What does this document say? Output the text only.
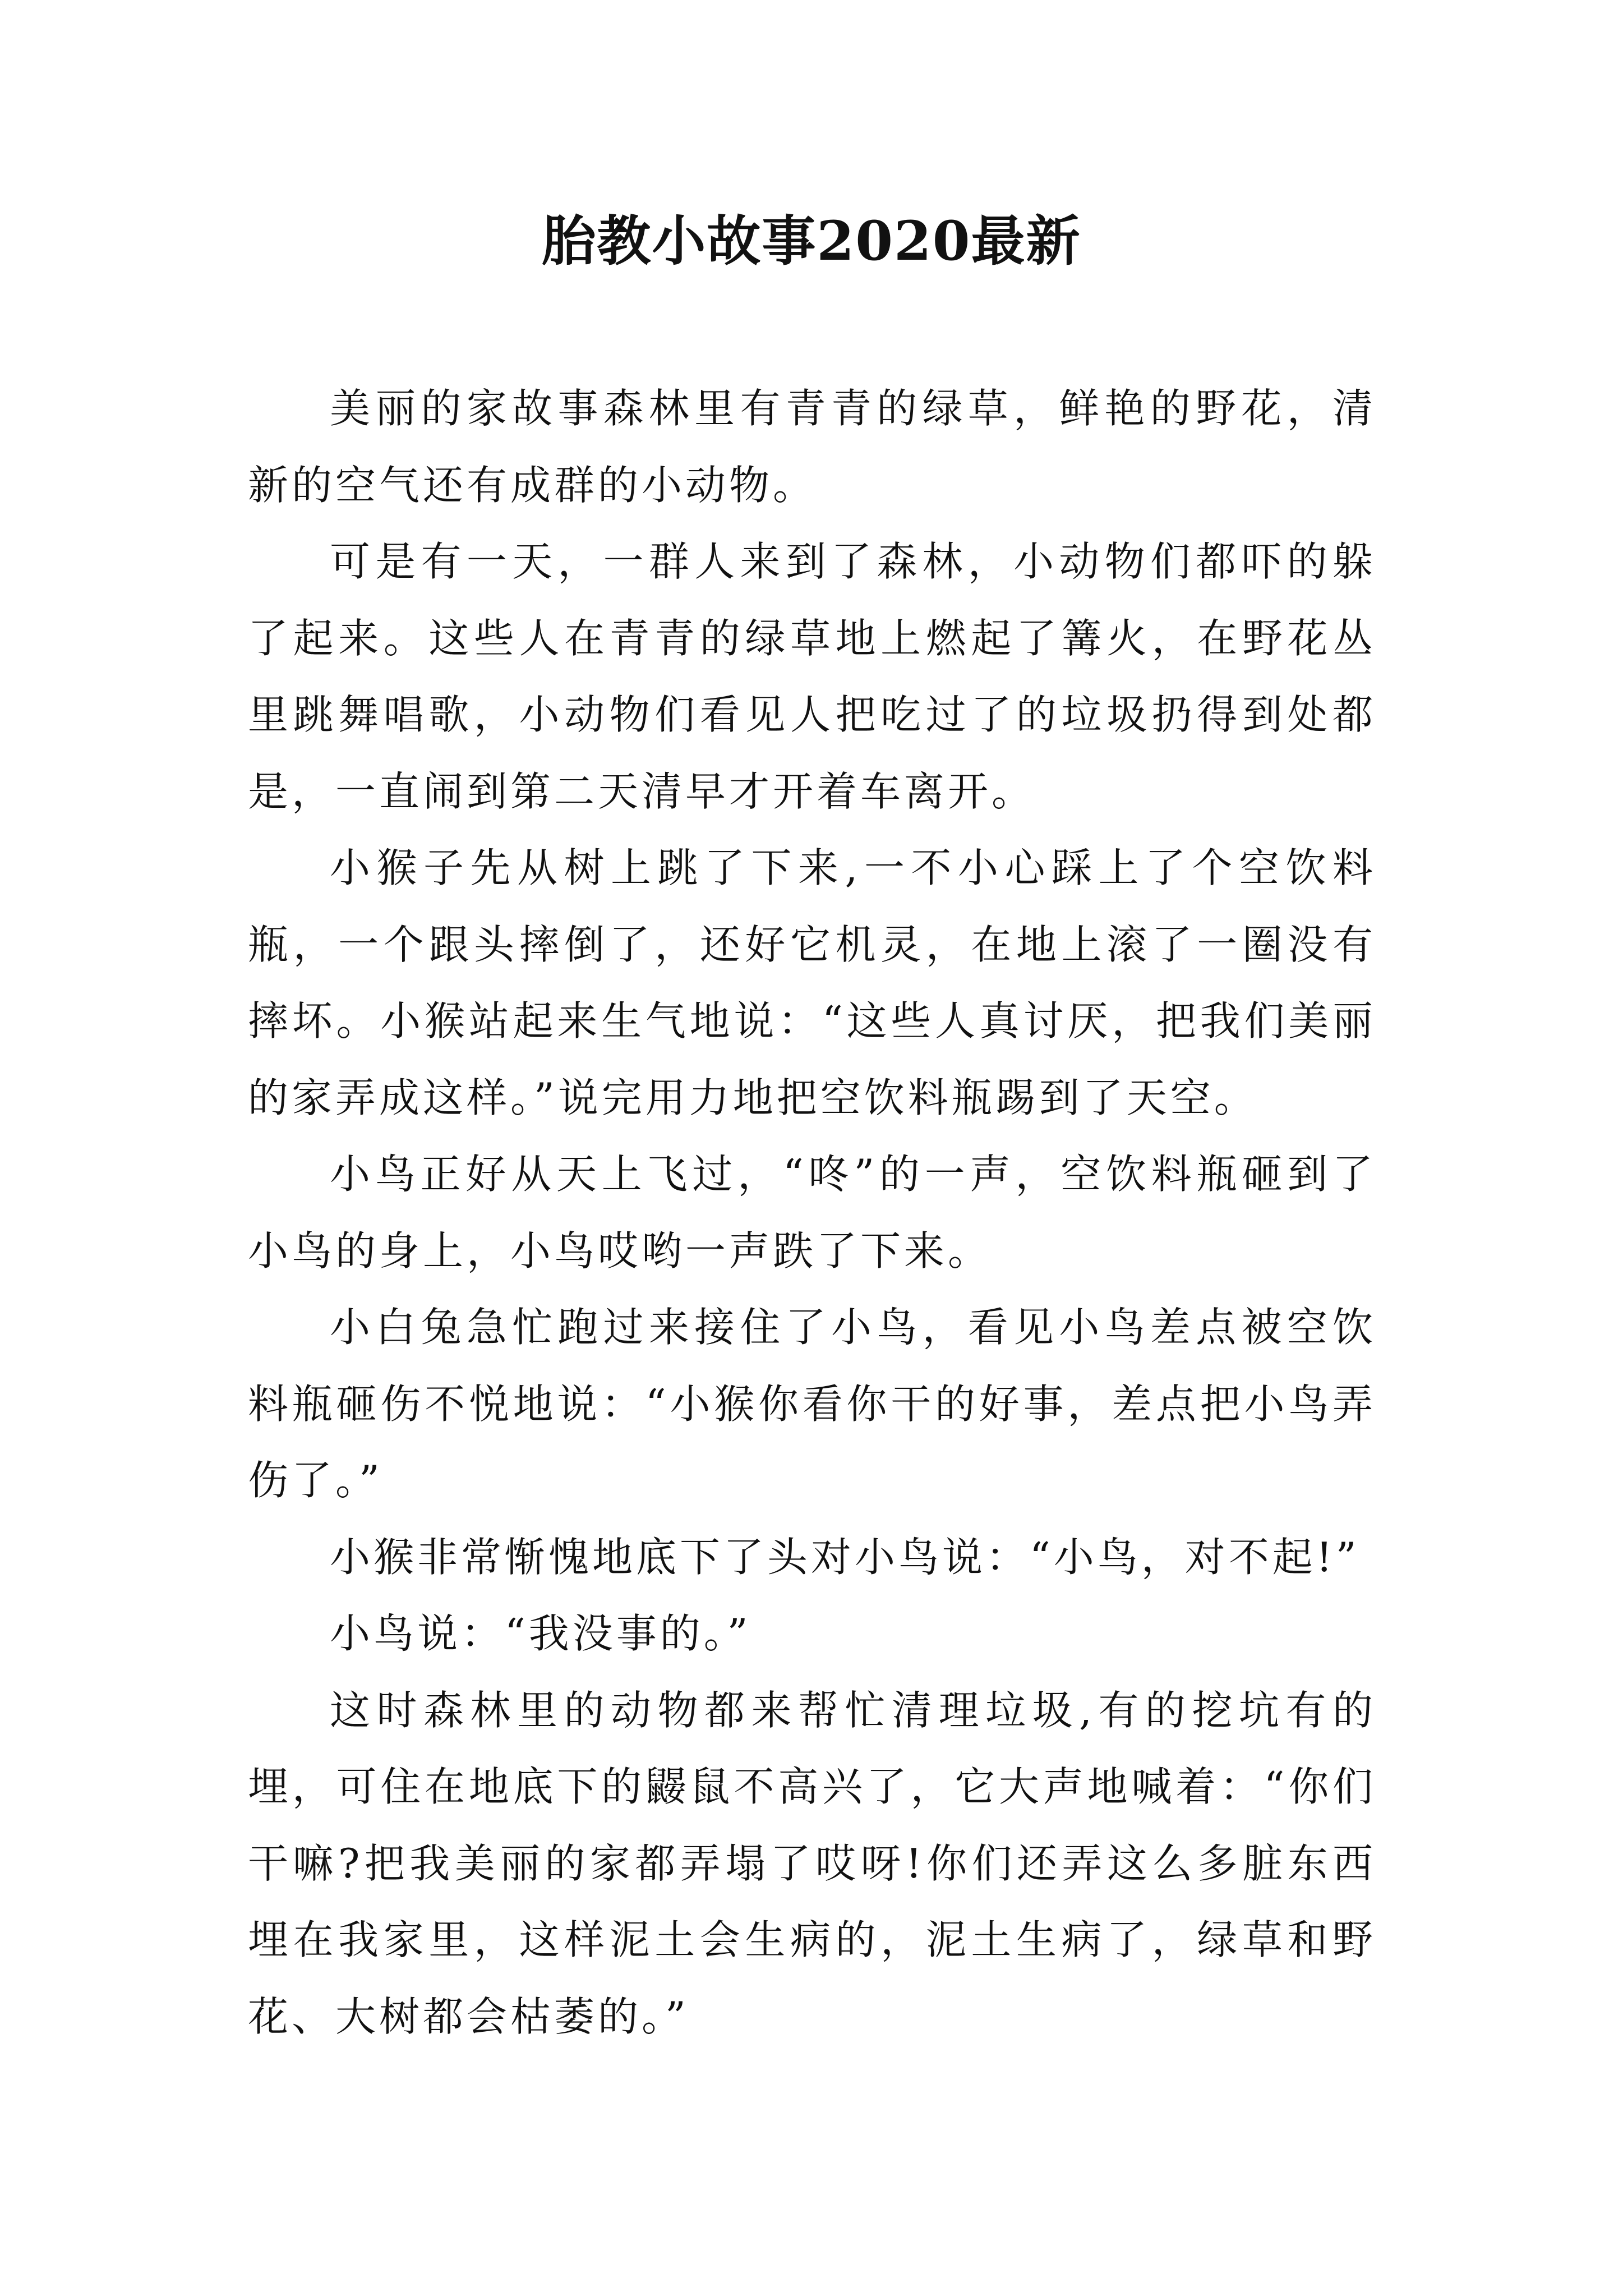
胎教小故事2020最新

美丽的家故事森林里有青青的绿草，鲜艳的野花，清新的空气还有成群的小动物。

可是有一天，一群人来到了森林，小动物们都吓的躲了起来。这些人在青青的绿草地上燃起了篝火，在野花丛里跳舞唱歌，小动物们看见人把吃过了的垃圾扔得到处都是，一直闹到第二天清早才开着车离开。

小猴子先从树上跳了下来,一不小心踩上了个空饮料瓶，一个跟头摔倒了，还好它机灵，在地上滚了一圈没有摔坏。小猴站起来生气地说：“这些人真讨厌，把我们美丽的家弄成这样。”说完用力地把空饮料瓶踢到了天空。

小鸟正好从天上飞过，“咚”的一声，空饮料瓶砸到了小鸟的身上，小鸟哎哟一声跌了下来。

小白兔急忙跑过来接住了小鸟，看见小鸟差点被空饮料瓶砸伤不悦地说：“小猴你看你干的好事，差点把小鸟弄伤了。”

小猴非常惭愧地底下了头对小鸟说：“小鸟，对不起!”

小鸟说：“我没事的。”

这时森林里的动物都来帮忙清理垃圾,有的挖坑有的埋，可住在地底下的鼹鼠不高兴了，它大声地喊着：“你们干嘛?把我美丽的家都弄塌了哎呀!你们还弄这么多脏东西埋在我家里，这样泥土会生病的，泥土生病了，绿草和野花、大树都会枯萎的。”
